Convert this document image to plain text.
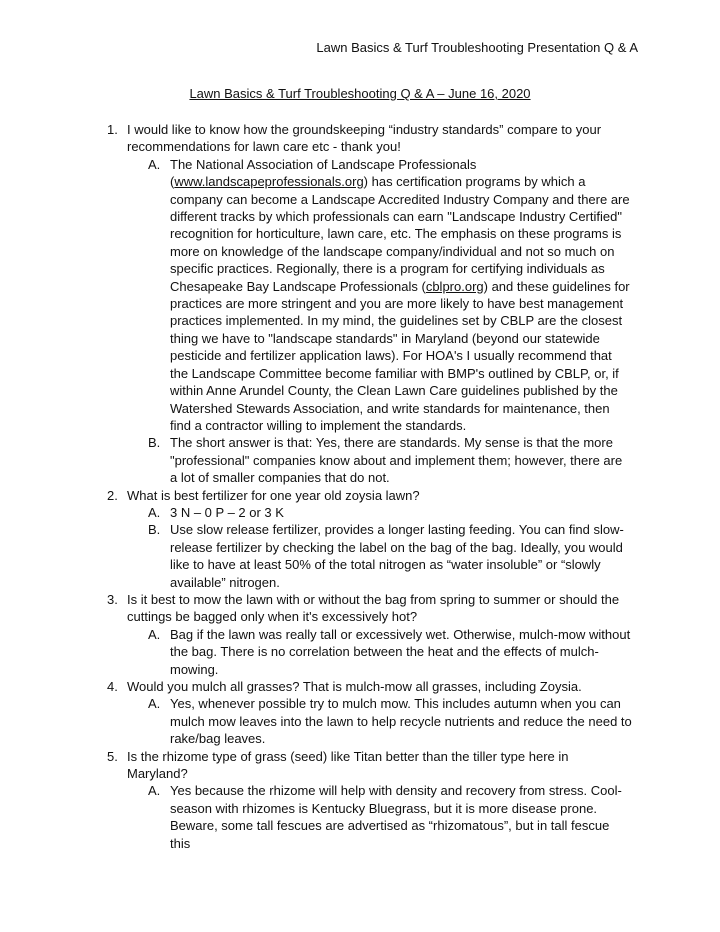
Lawn Basics & Turf Troubleshooting Presentation Q & A
Lawn Basics & Turf Troubleshooting Q & A – June 16, 2020
1. I would like to know how the groundskeeping “industry standards” compare to your recommendations for lawn care etc - thank you!
A. The National Association of Landscape Professionals (www.landscapeprofessionals.org) has certification programs by which a company can become a Landscape Accredited Industry Company and there are different tracks by which professionals can earn "Landscape Industry Certified" recognition for horticulture, lawn care, etc. The emphasis on these programs is more on knowledge of the landscape company/individual and not so much on specific practices. Regionally, there is a program for certifying individuals as Chesapeake Bay Landscape Professionals (cblpro.org) and these guidelines for practices are more stringent and you are more likely to have best management practices implemented. In my mind, the guidelines set by CBLP are the closest thing we have to "landscape standards" in Maryland (beyond our statewide pesticide and fertilizer application laws). For HOA's I usually recommend that the Landscape Committee become familiar with BMP's outlined by CBLP, or, if within Anne Arundel County, the Clean Lawn Care guidelines published by the Watershed Stewards Association, and write standards for maintenance, then find a contractor willing to implement the standards.
B. The short answer is that: Yes, there are standards. My sense is that the more "professional" companies know about and implement them; however, there are a lot of smaller companies that do not.
2. What is best fertilizer for one year old zoysia lawn?
A. 3 N – 0 P – 2 or 3 K
B. Use slow release fertilizer, provides a longer lasting feeding. You can find slow-release fertilizer by checking the label on the bag of the bag. Ideally, you would like to have at least 50% of the total nitrogen as “water insoluble” or “slowly available” nitrogen.
3. Is it best to mow the lawn with or without the bag from spring to summer or should the cuttings be bagged only when it's excessively hot?
A. Bag if the lawn was really tall or excessively wet. Otherwise, mulch-mow without the bag. There is no correlation between the heat and the effects of mulch-mowing.
4. Would you mulch all grasses? That is mulch-mow all grasses, including Zoysia.
A. Yes, whenever possible try to mulch mow. This includes autumn when you can mulch mow leaves into the lawn to help recycle nutrients and reduce the need to rake/bag leaves.
5. Is the rhizome type of grass (seed) like Titan better than the tiller type here in Maryland?
A. Yes because the rhizome will help with density and recovery from stress. Cool-season with rhizomes is Kentucky Bluegrass, but it is more disease prone. Beware, some tall fescues are advertised as “rhizomatous”, but in tall fescue this
